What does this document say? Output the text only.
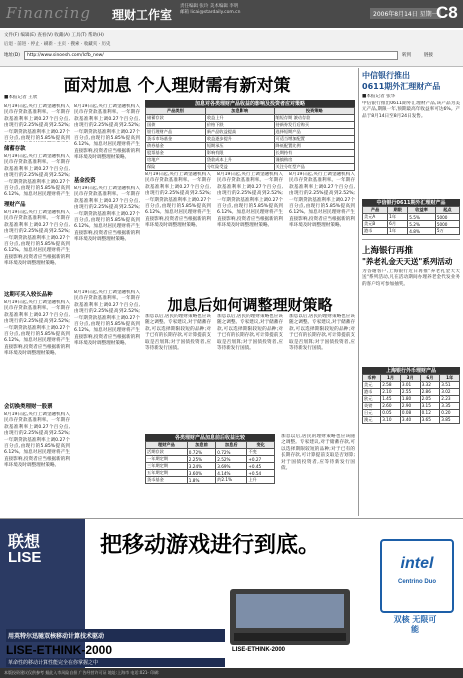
Financing 理财工作室
责任编辑 张玲 美术编辑 李明
邮箱 licai@stardaily.com.cn	2006年8月14日 星期一
C8
文件(F) 编辑(E) 查看(V) 收藏(A) 工具(T) 帮助(H)
后退 · 前进 · 停止 · 刷新 · 主页 · 搜索 · 收藏夹 · 历史
地址(D)	http://www.sinoesh.com/lcfb_new/	转到	链接
面对加息 个人理财需有新对策
■本报记者 王欣
8月19日起,央行上调金融机构人民币存贷款基准利率。一年期存款基准利率上调0.27个百分点,由现行的2.25%提高到2.52%;一年期贷款基准利率上调0.27个百分点,由现行的5.85%提高到
储蓄存款
8月19日起,央行上调金融机构人民币存贷款基准利率。一年期存款基准利率上调0.27个百分点,由现行的2.25%提高到2.52%;一年期贷款基准利率上调0.27个百分点,由现行的5.85%提高到6.12%。加息对居民理财将产生
理财产品
8月19日起,央行上调金融机构人民币存贷款基准利率。一年期存款基准利率上调0.27个百分点,由现行的2.25%提高到2.52%;一年期贷款基准利率上调0.27个百分点,由现行的5.85%提高到6.12%。加息对居民理财将产生直接影响,投资者应当根据新的利率环境及时调整理财策略。
8月19日起,央行上调金融机构人民币存贷款基准利率。一年期存款基准利率上调0.27个百分点,由现行的2.25%提高到2.52%;一年期贷款基准利率上调0.27个百分点,由现行的5.85%提高到6.12%。加息对居民理财将产生直接影响,投资者应当根据新的利率环境及时调整理财策略。
基金投资
8月19日起,央行上调金融机构人民币存贷款基准利率。一年期存款基准利率上调0.27个百分点,由现行的2.25%提高到2.52%;一年期贷款基准利率上调0.27个百分点,由现行的5.85%提高到6.12%。加息对居民理财将产生直接影响,投资者应当根据新的利率环境及时调整理财策略。
加息对各类理财产品收益的影响及投资者应对策略
产品类别	加息影响	投资策略
储蓄存款	收益上升	缩短存期 滚动存款
国债	价格下跌	待新券发行后购买
银行理财产品	新产品收益提高	选择短期产品
货币市场基金	收益逐步提升	可适当增加配置
债券基金	短期承压	降低配置比例
股票基金	影响有限	长期持有
房地产	贷款成本上升	谨慎购房
保险	分红险受益	关注分红型产品
8月19日起,央行上调金融机构人民币存贷款基准利率。一年期存款基准利率上调0.27个百分点,由现行的2.25%提高到2.52%;一年期贷款基准利率上调0.27个百分点,由现行的5.85%提高到6.12%。加息对居民理财将产生直接影响,投资者应当根据新的利率环境及时调整理财策略。
8月19日起,央行上调金融机构人民币存贷款基准利率。一年期存款基准利率上调0.27个百分点,由现行的2.25%提高到2.52%;一年期贷款基准利率上调0.27个百分点,由现行的5.85%提高到6.12%。加息对居民理财将产生直接影响,投资者应当根据新的利率环境及时调整理财策略。
8月19日起,央行上调金融机构人民币存贷款基准利率。一年期存款基准利率上调0.27个百分点,由现行的2.25%提高到2.52%;一年期贷款基准利率上调0.27个百分点,由现行的5.85%提高到6.12%。加息对居民理财将产生直接影响,投资者应当根据新的利率环境及时调整理财策略。
这期可买入较长品种
8月19日起,央行上调金融机构人民币存贷款基准利率。一年期存款基准利率上调0.27个百分点,由现行的2.25%提高到2.52%;一年期贷款基准利率上调0.27个百分点,由现行的5.85%提高到6.12%。加息对居民理财将产生直接影响,投资者应当根据新的利率环境及时调整理财策略。
会切换类理财一股票
8月19日起,央行上调金融机构人民币存贷款基准利率。一年期存款基准利率上调0.27个百分点,由现行的2.25%提高到2.52%;一年期贷款基准利率上调0.27个百分点,由现行的5.85%提高到6.12%。加息对居民理财将产生直接影响,投资者应当根据新的利率环境及时调整理财策略。
8月19日起,央行上调金融机构人民币存贷款基准利率。一年期存款基准利率上调0.27个百分点,由现行的2.25%提高到2.52%;一年期贷款基准利率上调0.27个百分点,由现行的5.85%提高到6.12%。加息对居民理财将产生直接影响,投资者应当根据新的利率环境及时调整理财策略。
加息后如何调整理财策略
加息以后,居民的理财策略也应该随之调整。专家建议,对于储蓄存款,可以选择期限较短的品种;对于已有的长期存款,可计算提前支取是否划算;对于国债投资者,应等待新发行国债。
加息以后,居民的理财策略也应该随之调整。专家建议,对于储蓄存款,可以选择期限较短的品种;对于已有的长期存款,可计算提前支取是否划算;对于国债投资者,应等待新发行国债。
加息以后,居民的理财策略也应该随之调整。专家建议,对于储蓄存款,可以选择期限较短的品种;对于已有的长期存款,可计算提前支取是否划算;对于国债投资者,应等待新发行国债。
各类理财产品加息前后收益比较
理财产品	加息前	加息后	变化
活期存款	0.72%	0.72%	不变
一年期定期	2.25%	2.52%	+0.27
三年期定期	3.24%	3.69%	+0.45
五年期定期	3.60%	4.14%	+0.54
货币基金	1.8%	约2.1%	上升
加息以后,居民的理财策略也应该随之调整。专家建议,对于储蓄存款,可以选择期限较短的品种;对于已有的长期存款,可计算提前支取是否划算;对于国债投资者,应等待新发行国债。
中信银行推出
0611期外汇理财产品
■本报记者 张华
中信银行推出0611期外汇理财产品,该产品为美元产品,期限一年,预期最高年收益率可达6%。产品于8月14日至8月24日发售。
中信银行0611期外汇理财产品
产品	期限	收益率	起点
美元A	1年	5.5%	5000
美元B	6月	5.2%	5000
港币	1年	4.8%	5万
上海银行再推
"养老礼金天天送"系列活动
为答谢客户,上海银行近日再推"养老礼金天天送"系列活动,凡在活动期间办理养老金代发业务的客户均可参加抽奖。
上海银行外币理财产品
币种	1月	3月	6月	1年
美元	2.58	3.01	3.32	3.51
港币	2.10	2.55	2.86	3.02
欧元	1.45	1.80	2.05	2.23
英镑	2.60	2.90	3.15	3.35
日元	0.05	0.08	0.12	0.20
澳元	3.10	3.40	3.65	3.85
联想
LISE	把移动游戏进行到底。
LISE-ETHINK-2000
用英特尔迅驰双核移动计算技术驱动
LISE-ETHINK-2000
革命性的移动计算性能完全在你掌握之中
intel
Centrino Duo
双核 无限可能
本版投资建议仅供参考 据此入市风险自担 广告经营许可证 地址:上海市 电话:021- 印刷:
